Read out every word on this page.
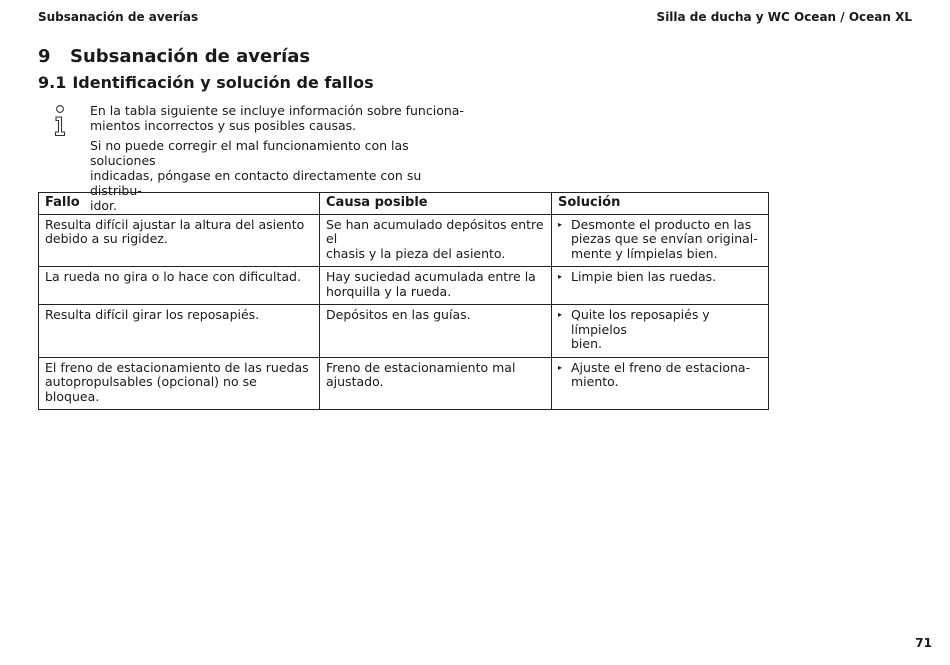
Subsanación de averías	Silla de ducha y WC Ocean / Ocean XL
9 Subsanación de averías
9.1 Identificación y solución de fallos

En la tabla siguiente se incluye información sobre funciona-
mientos incorrectos y sus posibles causas.

Si no puede corregir el mal funcionamiento con las soluciones
indicadas, póngase en contacto directamente con su distribu-
idor.

Fallo	Causa posible	Solución
Resulta difícil ajustar la altura del asiento
debido a su rigidez.	Se han acumulado depósitos entre el
chasis y la pieza del asiento.	▸ Desmonte el producto en las
piezas que se envían original-
mente y límpielas bien.

La rueda no gira o lo hace con dificultad.	Hay suciedad acumulada entre la
horquilla y la rueda.	▸ Limpie bien las ruedas.

Resulta difícil girar los reposapiés.	Depósitos en las guías.	▸ Quite los reposapiés y límpielos
bien.

El freno de estacionamiento de las ruedas
autopropulsables (opcional) no se bloquea.	Freno de estacionamiento mal
ajustado.	▸ Ajuste el freno de estaciona-
miento.
71
